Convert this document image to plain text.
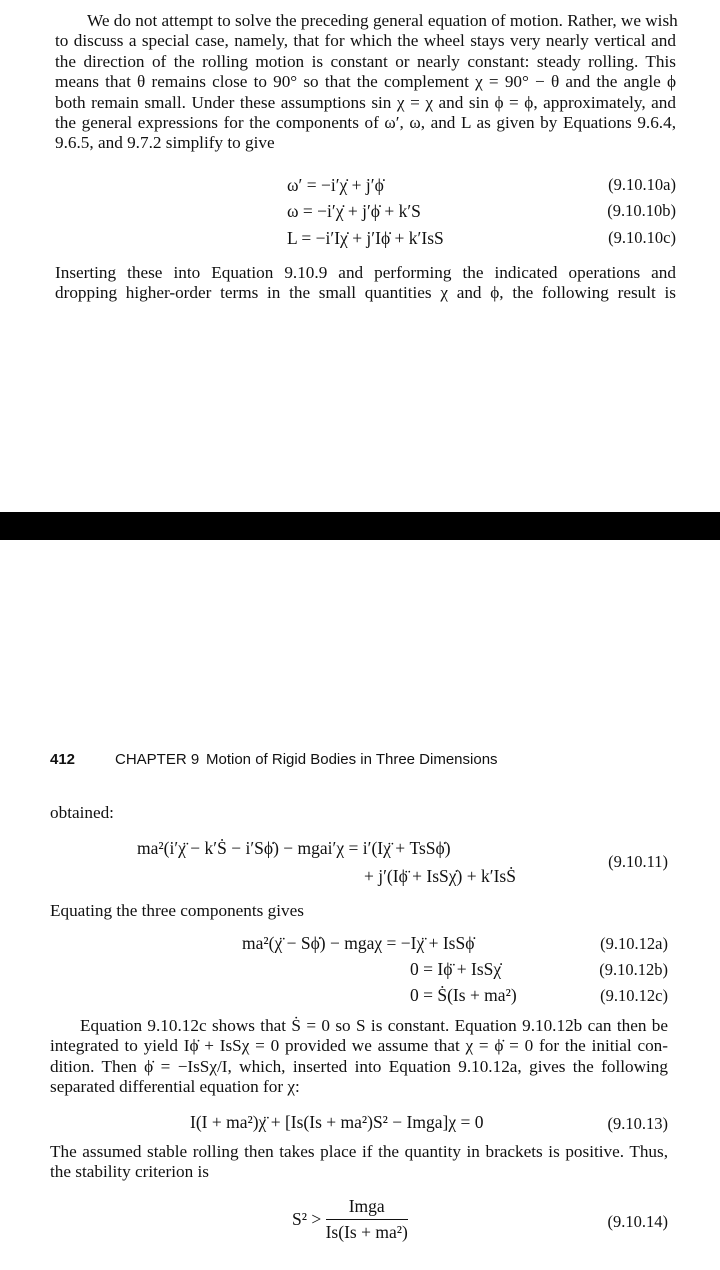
We do not attempt to solve the preceding general equation of motion. Rather, we wish
to discuss a special case, namely, that for which the wheel stays very nearly vertical and
the direction of the rolling motion is constant or nearly constant: steady rolling. This
means that θ remains close to 90° so that the complement χ = 90° − θ and the angle ϕ
both remain small. Under these assumptions sin χ = χ and sin ϕ = ϕ, approximately, and
the general expressions for the components of ω′, ω, and L as given by Equations 9.6.4,
9.6.5, and 9.7.2 simplify to give
ω′ = −i′χ̇ + j′ϕ̇	(9.10.10a)
ω = −i′χ̇ + j′ϕ̇ + k′S	(9.10.10b)
L = −i′Iχ̇ + j′Iϕ̇ + k′IsS	(9.10.10c)
Inserting these into Equation 9.10.9 and performing the indicated operations and
dropping higher-order terms in the small quantities χ and ϕ, the following result is
412	CHAPTER 9 Motion of Rigid Bodies in Three Dimensions
obtained:
ma²(i′χ̈ − k′Ṡ − i′Sϕ̇) − mgai′χ = i′(Iχ̈ + TsSϕ̇)
+ j′(Iϕ̈ + IsSχ̇) + k′IsṠ
(9.10.11)
Equating the three components gives
ma²(χ̈ − Sϕ̇) − mgaχ = −Iχ̈ + IsSϕ̇	(9.10.12a)
0 = Iϕ̈ + IsSχ̇	(9.10.12b)
0 = Ṡ(Is + ma²)	(9.10.12c)
Equation 9.10.12c shows that Ṡ = 0 so S is constant. Equation 9.10.12b can then be
integrated to yield Iϕ̇ + IsSχ = 0 provided we assume that χ = ϕ̇ = 0 for the initial con-
dition. Then ϕ̇ = −IsSχ/I, which, inserted into Equation 9.10.12a, gives the following
separated differential equation for χ:
I(I + ma²)χ̈ + [Is(Is + ma²)S² − Imga]χ = 0	(9.10.13)
The assumed stable rolling then takes place if the quantity in brackets is positive. Thus,
the stability criterion is
$S^2 > \frac{\text{Imga}}{\text{Is(Is + ma²)}}$	(9.10.14)
